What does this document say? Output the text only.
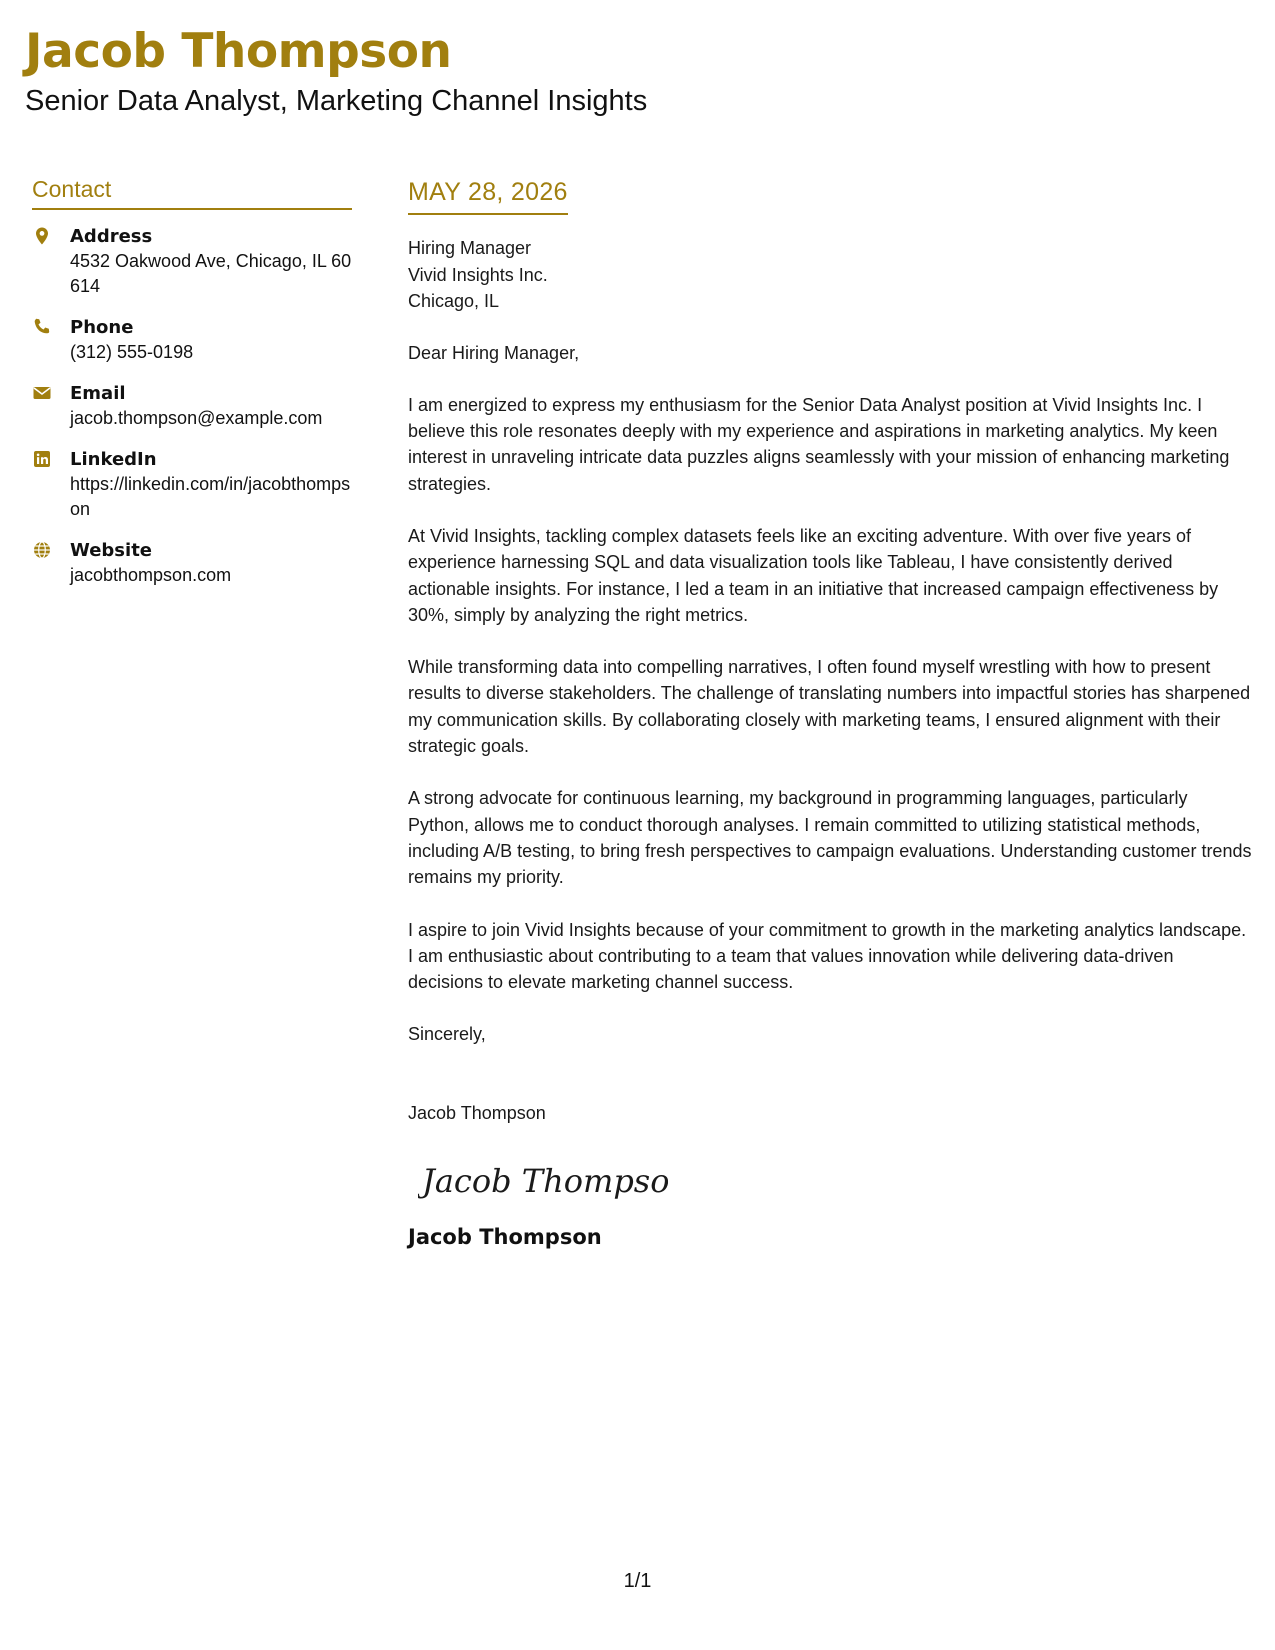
Jacob Thompson
Senior Data Analyst, Marketing Channel Insights
Contact
Address
4532 Oakwood Ave, Chicago, IL 60614
Phone
(312) 555-0198
Email
jacob.thompson@example.com
LinkedIn
https://linkedin.com/in/jacobthompson
Website
jacobthompson.com
MAY 28, 2026
Hiring Manager
Vivid Insights Inc.
Chicago, IL
Dear Hiring Manager,
I am energized to express my enthusiasm for the Senior Data Analyst position at Vivid Insights Inc. I believe this role resonates deeply with my experience and aspirations in marketing analytics. My keen interest in unraveling intricate data puzzles aligns seamlessly with your mission of enhancing marketing strategies.
At Vivid Insights, tackling complex datasets feels like an exciting adventure. With over five years of experience harnessing SQL and data visualization tools like Tableau, I have consistently derived actionable insights. For instance, I led a team in an initiative that increased campaign effectiveness by 30%, simply by analyzing the right metrics.
While transforming data into compelling narratives, I often found myself wrestling with how to present results to diverse stakeholders. The challenge of translating numbers into impactful stories has sharpened my communication skills. By collaborating closely with marketing teams, I ensured alignment with their strategic goals.
A strong advocate for continuous learning, my background in programming languages, particularly Python, allows me to conduct thorough analyses. I remain committed to utilizing statistical methods, including A/B testing, to bring fresh perspectives to campaign evaluations. Understanding customer trends remains my priority.
I aspire to join Vivid Insights because of your commitment to growth in the marketing analytics landscape. I am enthusiastic about contributing to a team that values innovation while delivering data-driven decisions to elevate marketing channel success.
Sincerely,
Jacob Thompson
Jacob Thompson
Jacob Thompson
1/1
